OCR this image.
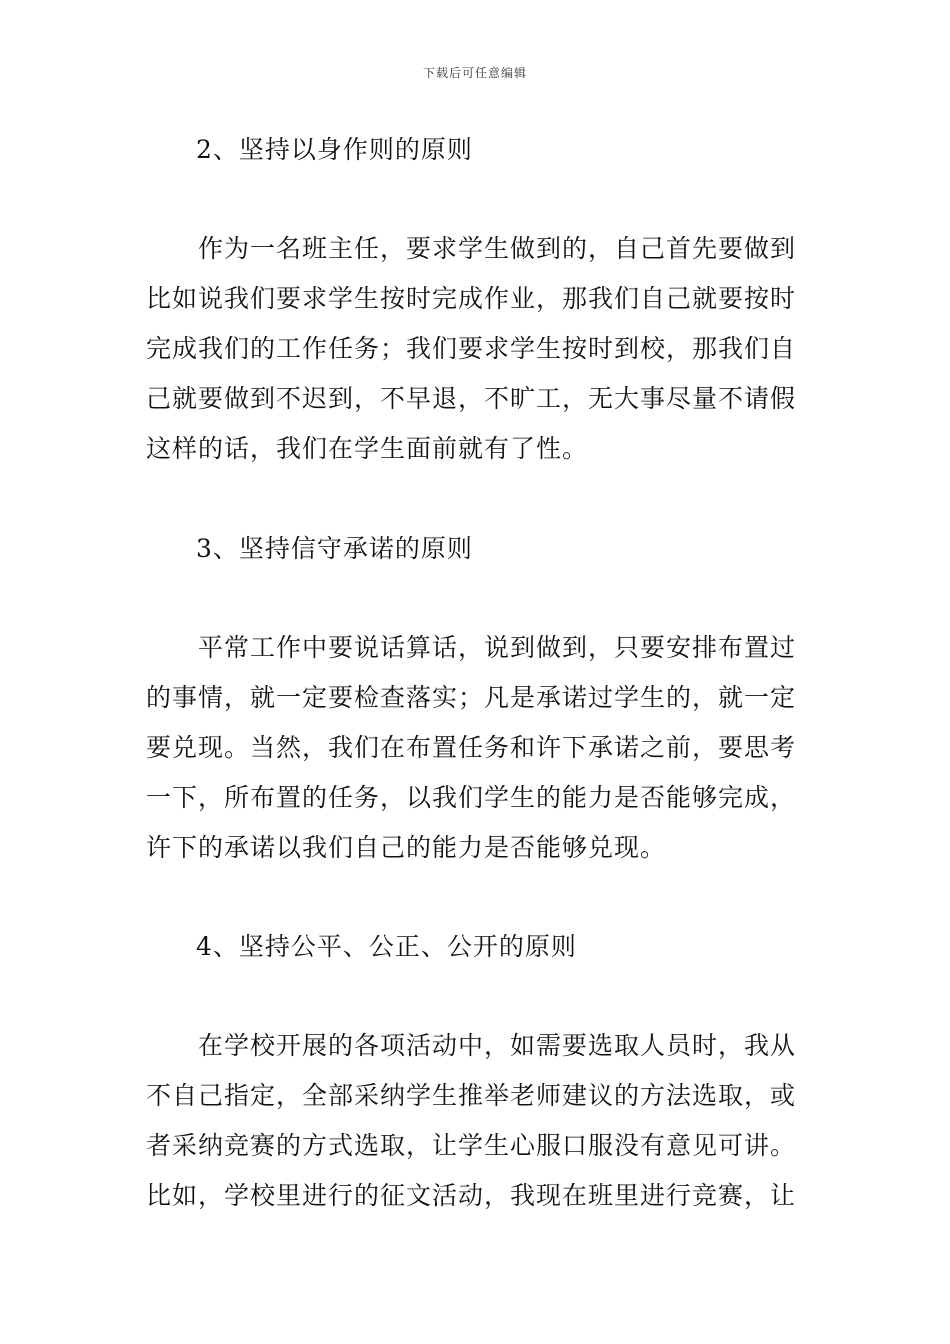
下载后可任意编辑
2、坚持以身作则的原则
作为一名班主任，要求学生做到的，自己首先要做到
比如说我们要求学生按时完成作业，那我们自己就要按时
完成我们的工作任务；我们要求学生按时到校，那我们自
己就要做到不迟到，不早退，不旷工，无大事尽量不请假
这样的话，我们在学生面前就有了性。
3、坚持信守承诺的原则
平常工作中要说话算话，说到做到，只要安排布置过
的事情，就一定要检查落实；凡是承诺过学生的，就一定
要兑现。当然，我们在布置任务和许下承诺之前，要思考
一下，所布置的任务，以我们学生的能力是否能够完成，
许下的承诺以我们自己的能力是否能够兑现。
4、坚持公平、公正、公开的原则
在学校开展的各项活动中，如需要选取人员时，我从
不自己指定，全部采纳学生推举老师建议的方法选取，或
者采纳竞赛的方式选取，让学生心服口服没有意见可讲。
比如，学校里进行的征文活动，我现在班里进行竞赛，让
